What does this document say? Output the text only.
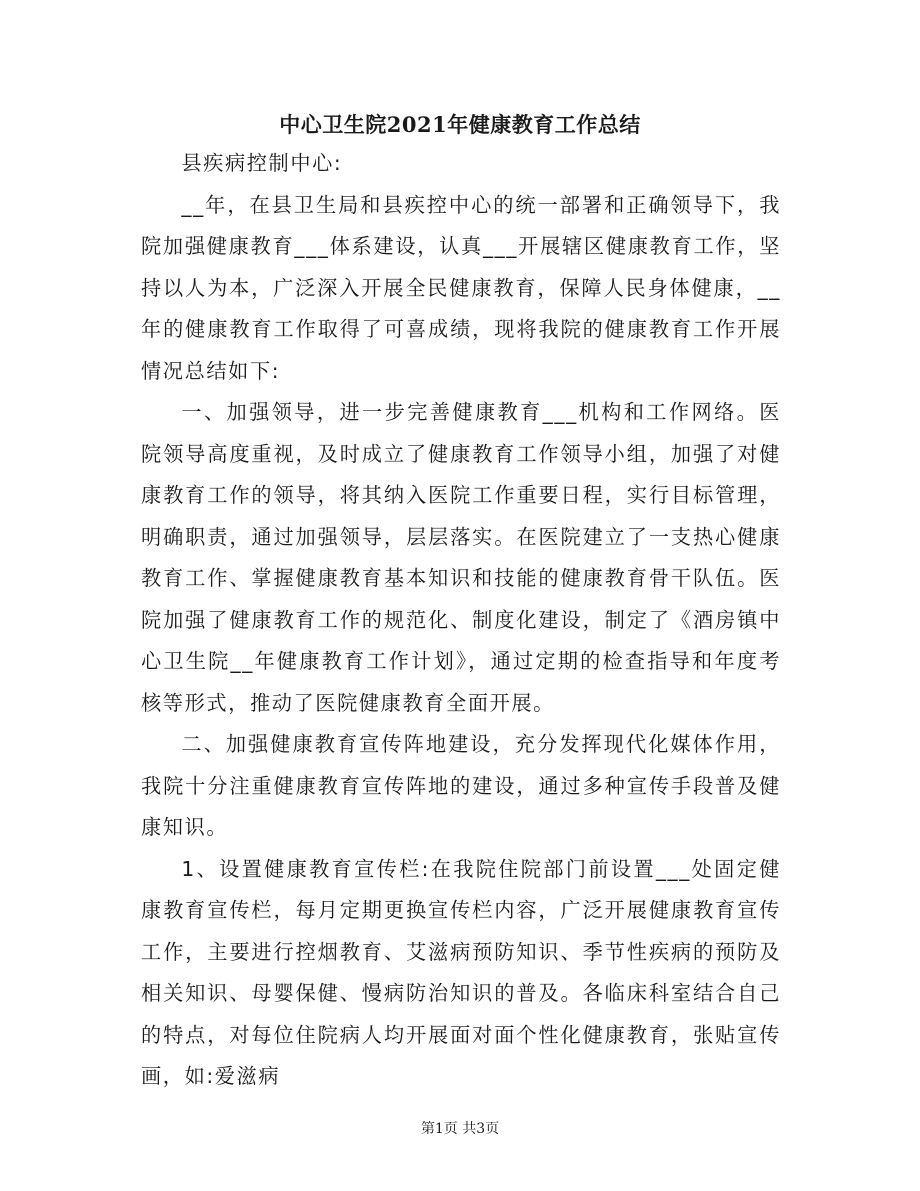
中心卫生院2021年健康教育工作总结

县疾病控制中心:

__年，在县卫生局和县疾控中心的统一部署和正确领导下，我院加强健康教育___体系建设，认真___开展辖区健康教育工作，坚持以人为本，广泛深入开展全民健康教育，保障人民身体健康，__年的健康教育工作取得了可喜成绩，现将我院的健康教育工作开展情况总结如下:

一、加强领导，进一步完善健康教育___机构和工作网络。医院领导高度重视，及时成立了健康教育工作领导小组，加强了对健康教育工作的领导，将其纳入医院工作重要日程，实行目标管理，明确职责，通过加强领导，层层落实。在医院建立了一支热心健康教育工作、掌握健康教育基本知识和技能的健康教育骨干队伍。医院加强了健康教育工作的规范化、制度化建设，制定了《酒房镇中心卫生院__年健康教育工作计划》，通过定期的检查指导和年度考核等形式，推动了医院健康教育全面开展。

二、加强健康教育宣传阵地建设，充分发挥现代化媒体作用，我院十分注重健康教育宣传阵地的建设，通过多种宣传手段普及健康知识。

1、设置健康教育宣传栏:在我院住院部门前设置___处固定健康教育宣传栏，每月定期更换宣传栏内容，广泛开展健康教育宣传工作，主要进行控烟教育、艾滋病预防知识、季节性疾病的预防及相关知识、母婴保健、慢病防治知识的普及。各临床科室结合自己的特点，对每位住院病人均开展面对面个性化健康教育，张贴宣传画，如:爱滋病

第1页 共3页
